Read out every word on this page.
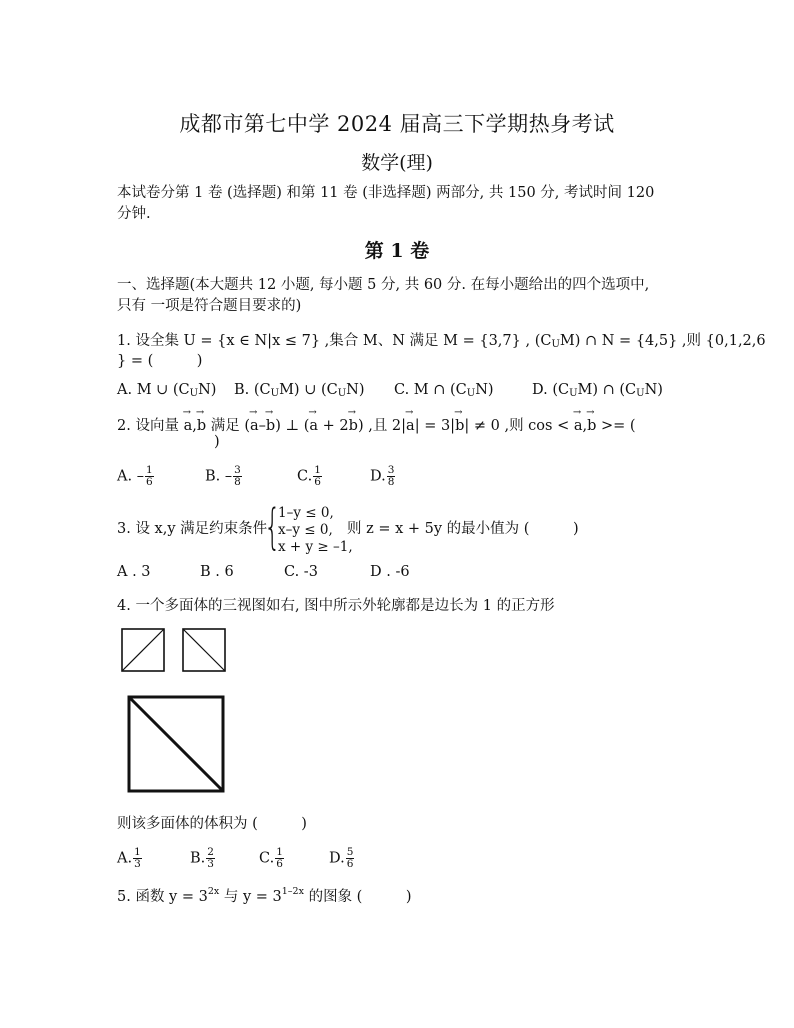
成都市第七中学 2024 届高三下学期热身考试
数学(理)
本试卷分第 1 卷 (选择题) 和第 11 卷 (非选择题) 两部分, 共 150 分, 考试时间 120
分钟.
第 1 卷
一、选择题(本大题共 12 小题, 每小题 5 分, 共 60 分. 在每小题给出的四个选项中,
只有 一项是符合题目要求的)
1. 设全集 U = {x ∈ N|x ≤ 7} ,集合 M、N 满足 M = {3,7} , $(C_UM)$ ∩ N = {4,5} ,则 {0,1,2,6
} = (　　　)
A. M ∪ $(C_UN)$ B. $(C_UM)$ ∪ $(C_UN)$ C. M ∩ $(C_UN)$	D. $(C_UM)$ ∩ $(C_UN)$
2. 设向量 → a,→ b 满足 (→ a–→ b) ⊥ (→ a + 2→ b) ,且 2|→ a| = 3|→ b| ≠ 0 ,则 cos < → a,→ b >= (
)
A. – $\frac{1}{6}$	B. – $\frac{3}{8}$	C. $\frac{1}{6}$	D. $\frac{3}{8}$
3. 设 x,y 满足约束条件
{
1–y ≤ 0,
x–y ≤ 0,
x + y ≥ –1,
则 z = x + 5y 的最小值为 (　　　)
A . 3	B . 6	C. -3	D . -6
4. 一个多面体的三视图如右, 图中所示外轮廓都是边长为 1 的正方形
则该多面体的体积为 (　　　)
A. $\frac{1}{3}$	B. $\frac{2}{3}$	C. $\frac{1}{6}$	D. $\frac{5}{6}$
5. 函数 $y = 3^{2x}$ 与 $y = 3^{1-2x}$ 的图象 (　　　)
